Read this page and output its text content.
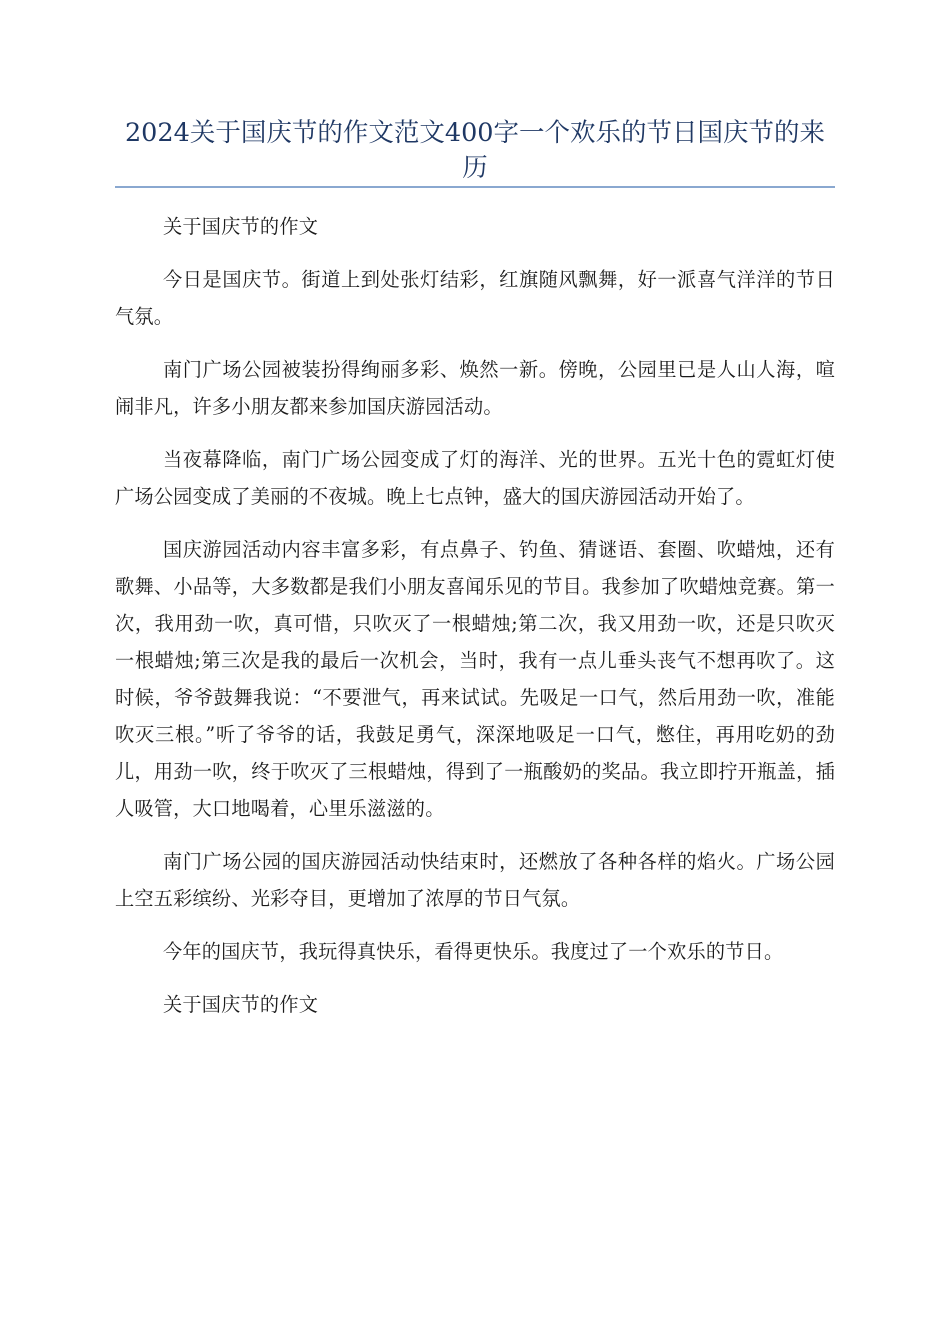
2024关于国庆节的作文范文400字一个欢乐的节日国庆节的来历

关于国庆节的作文

今日是国庆节。街道上到处张灯结彩，红旗随风飘舞，好一派喜气洋洋的节日气氛。

南门广场公园被装扮得绚丽多彩、焕然一新。傍晚，公园里已是人山人海，喧闹非凡，许多小朋友都来参加国庆游园活动。

当夜幕降临，南门广场公园变成了灯的海洋、光的世界。五光十色的霓虹灯使广场公园变成了美丽的不夜城。晚上七点钟，盛大的国庆游园活动开始了。

国庆游园活动内容丰富多彩，有点鼻子、钓鱼、猜谜语、套圈、吹蜡烛，还有歌舞、小品等，大多数都是我们小朋友喜闻乐见的节目。我参加了吹蜡烛竞赛。第一次，我用劲一吹，真可惜，只吹灭了一根蜡烛;第二次，我又用劲一吹，还是只吹灭一根蜡烛;第三次是我的最后一次机会，当时，我有一点儿垂头丧气不想再吹了。这时候，爷爷鼓舞我说：“不要泄气，再来试试。先吸足一口气，然后用劲一吹，准能吹灭三根。”听了爷爷的话，我鼓足勇气，深深地吸足一口气，憋住，再用吃奶的劲儿，用劲一吹，终于吹灭了三根蜡烛，得到了一瓶酸奶的奖品。我立即拧开瓶盖，插人吸管，大口地喝着，心里乐滋滋的。

南门广场公园的国庆游园活动快结束时，还燃放了各种各样的焰火。广场公园上空五彩缤纷、光彩夺目，更增加了浓厚的节日气氛。

今年的国庆节，我玩得真快乐，看得更快乐。我度过了一个欢乐的节日。

关于国庆节的作文
